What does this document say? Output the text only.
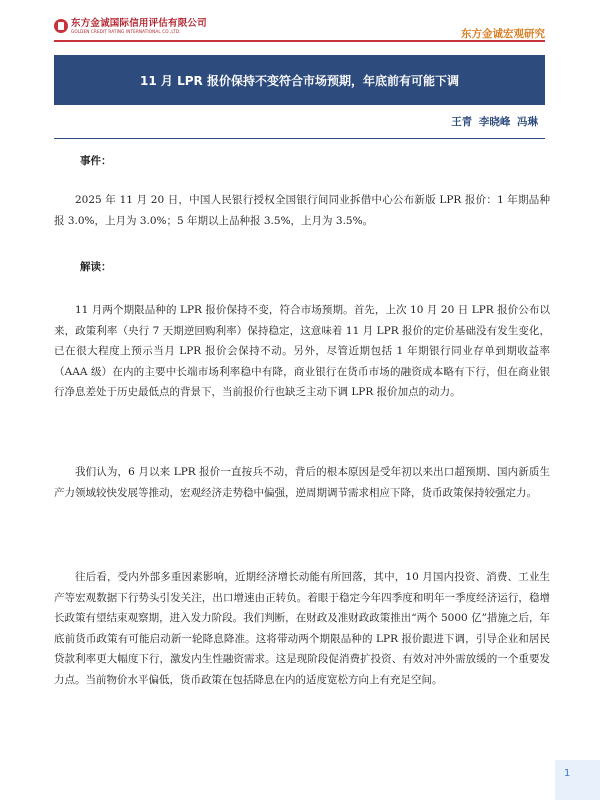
东方金诚国际信用评估有限公司
GOLDEN CREDIT RATING INTERNATIONAL CO.,LTD.	东方金诚宏观研究
11 月 LPR 报价保持不变符合市场预期，年底前有可能下调
王青 李晓峰 冯琳
事件：

2025 年 11 月 20 日，中国人民银行授权全国银行间同业拆借中心公布新版 LPR 报价：1 年期品种报 3.0%，上月为 3.0%；5 年期以上品种报 3.5%，上月为 3.5%。

解读：

11 月两个期限品种的 LPR 报价保持不变，符合市场预期。首先，上次 10 月 20 日 LPR 报价公布以来，政策利率（央行 7 天期逆回购利率）保持稳定，这意味着 11 月 LPR 报价的定价基础没有发生变化，已在很大程度上预示当月 LPR 报价会保持不动。另外，尽管近期包括 1 年期银行同业存单到期收益率（AAA 级）在内的主要中长端市场利率稳中有降，商业银行在货币市场的融资成本略有下行，但在商业银行净息差处于历史最低点的背景下，当前报价行也缺乏主动下调 LPR 报价加点的动力。

我们认为，6 月以来 LPR 报价一直按兵不动，背后的根本原因是受年初以来出口超预期、国内新质生产力领域较快发展等推动，宏观经济走势稳中偏强，逆周期调节需求相应下降，货币政策保持较强定力。

往后看，受内外部多重因素影响，近期经济增长动能有所回落，其中，10 月国内投资、消费、工业生产等宏观数据下行势头引发关注，出口增速由正转负。着眼于稳定今年四季度和明年一季度经济运行，稳增长政策有望结束观察期，进入发力阶段。我们判断，在财政及准财政政策推出“两个 5000 亿”措施之后，年底前货币政策有可能启动新一轮降息降准。这将带动两个期限品种的 LPR 报价跟进下调，引导企业和居民贷款利率更大幅度下行，激发内生性融资需求。这是现阶段促消费扩投资、有效对冲外需放缓的一个重要发力点。当前物价水平偏低，货币政策在包括降息在内的适度宽松方向上有充足空间。

1
